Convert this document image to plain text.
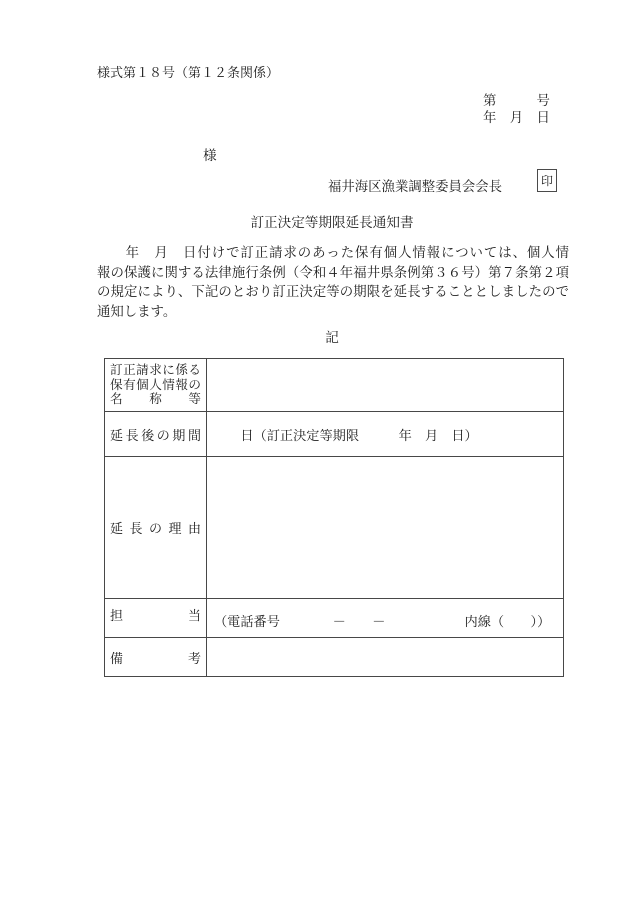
様式第１８号（第１２条関係）
第　　　号
年　月　日
様
福井海区漁業調整委員会会長	印
訂正決定等期限延長通知書
　　年　月　日付けで訂正請求のあった保有個人情報については、個人情
報の保護に関する法律施行条例（令和４年福井県条例第３６号）第７条第２項
の規定により、下記のとおり訂正決定等の期限を延長することとしましたので
通知します。
記
訂正請求に係る
保有個人情報の
名称等
延長後の期間 　　日（訂正決定等期限　　　年　月　日）
延長の理由
担当 （電話番号　　　　－　　－　　　　　　内線（　　））
備考
